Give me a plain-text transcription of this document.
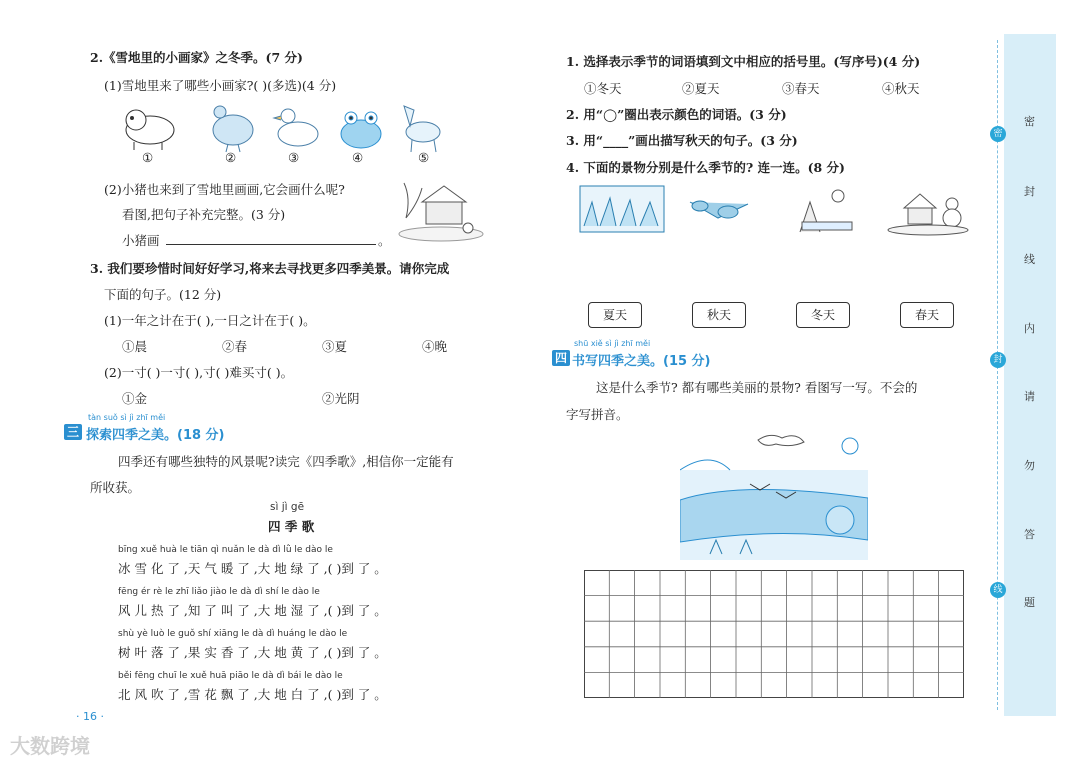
2.《雪地里的小画家》之冬季。(7 分)
(1)雪地里来了哪些小画家?( )(多选)(4 分)
①	②	③	④	⑤
(2)小猪也来到了雪地里画画,它会画什么呢?
看图,把句子补充完整。(3 分)
小猪画	。
3. 我们要珍惜时间好好学习,将来去寻找更多四季美景。请你完成
下面的句子。(12 分)
(1)一年之计在于( ),一日之计在于( )。
①晨	②春	③夏	④晚
(2)一寸( )一寸( ),寸( )难买寸( )。
①金	②光阴
三
tàn suǒ sì jì zhī měi
探索四季之美。(18 分)
四季还有哪些独特的风景呢?读完《四季歌》,相信你一定能有
所收获。
sì jì gē
四 季 歌
bīng xuě huà le tiān qì nuǎn le dà dì lǜ le dào le
冰 雪 化 了 ,天 气 暖 了 ,大 地 绿 了 ,( )到 了 。
fēng ér rè le zhī liǎo jiào le dà dì shí le dào le
风 儿 热 了 ,知 了 叫 了 ,大 地 湿 了 ,( )到 了 。
shù yè luò le guǒ shí xiāng le dà dì huáng le dào le
树 叶 落 了 ,果 实 香 了 ,大 地 黄 了 ,( )到 了 。
běi fēng chuī le xuě huā piāo le dà dì bái le dào le
北 风 吹 了 ,雪 花 飘 了 ,大 地 白 了 ,( )到 了 。
· 16 ·
大数跨境
1. 选择表示季节的词语填到文中相应的括号里。(写序号)(4 分)
①冬天	②夏天	③春天	④秋天
2. 用“◯”圈出表示颜色的词语。(3 分)
3. 用“____”画出描写秋天的句子。(3 分)
4. 下面的景物分别是什么季节的? 连一连。(8 分)
夏天	秋天	冬天	春天
四
shū xiě sì jì zhī měi
书写四季之美。(15 分)
这是什么季节? 都有哪些美丽的景物? 看图写一写。不会的
字写拼音。
密
封
线
内
请
勿
答
题
密
封
线
